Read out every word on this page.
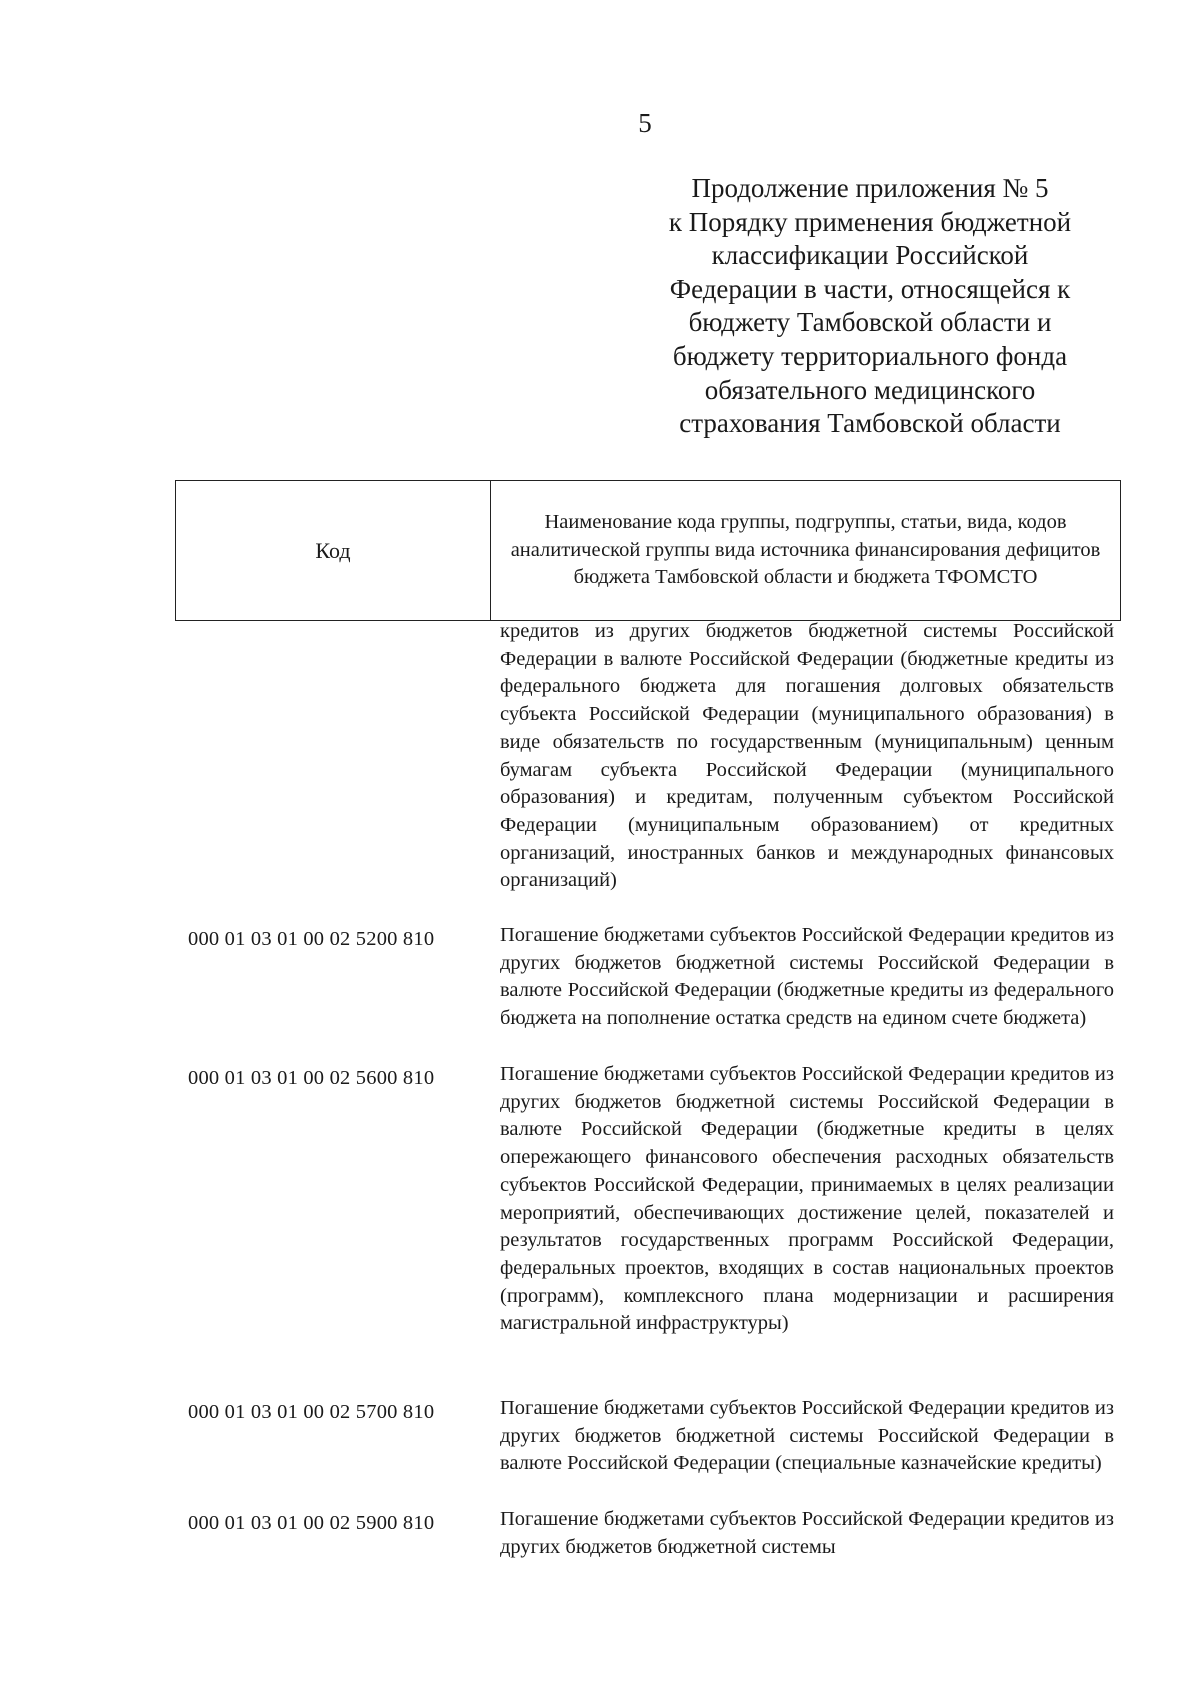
5
Продолжение приложения № 5
к Порядку применения бюджетной
классификации Российской
Федерации в части, относящейся к
бюджету Тамбовской области и
бюджету территориального фонда
обязательного медицинского
страхования Тамбовской области
Код
Наименование кода группы, подгруппы, статьи, вида, кодов аналитической группы вида источника финансирования дефицитов бюджета Тамбовской области и бюджета ТФОМСТО
кредитов из других бюджетов бюджетной системы Российской Федерации в валюте Российской Федерации (бюджетные кредиты из федерального бюджета для погашения долговых обязательств субъекта Российской Федерации (муниципального образования) в виде обязательств по государственным (муниципальным) ценным бумагам субъекта Российской Федерации (муниципального образования) и кредитам, полученным субъектом Российской Федерации (муниципальным образованием) от кредитных организаций, иностранных банков и международных финансовых организаций)
000 01 03 01 00 02 5200 810	Погашение бюджетами субъектов Российской Федерации кредитов из других бюджетов бюджетной системы Российской Федерации в валюте Российской Федерации (бюджетные кредиты из федерального бюджета на пополнение остатка средств на едином счете бюджета)
000 01 03 01 00 02 5600 810	Погашение бюджетами субъектов Российской Федерации кредитов из других бюджетов бюджетной системы Российской Федерации в валюте Российской Федерации (бюджетные кредиты в целях опережающего финансового обеспечения расходных обязательств субъектов Российской Федерации, принимаемых в целях реализации мероприятий, обеспечивающих достижение целей, показателей и результатов государственных программ Российской Федерации, федеральных проектов, входящих в состав национальных проектов (программ), комплексного плана модернизации и расширения магистральной инфраструктуры)
000 01 03 01 00 02 5700 810	Погашение бюджетами субъектов Российской Федерации кредитов из других бюджетов бюджетной системы Российской Федерации в валюте Российской Федерации (специальные казначейские кредиты)
000 01 03 01 00 02 5900 810	Погашение бюджетами субъектов Российской Федерации кредитов из других бюджетов бюджетной системы
